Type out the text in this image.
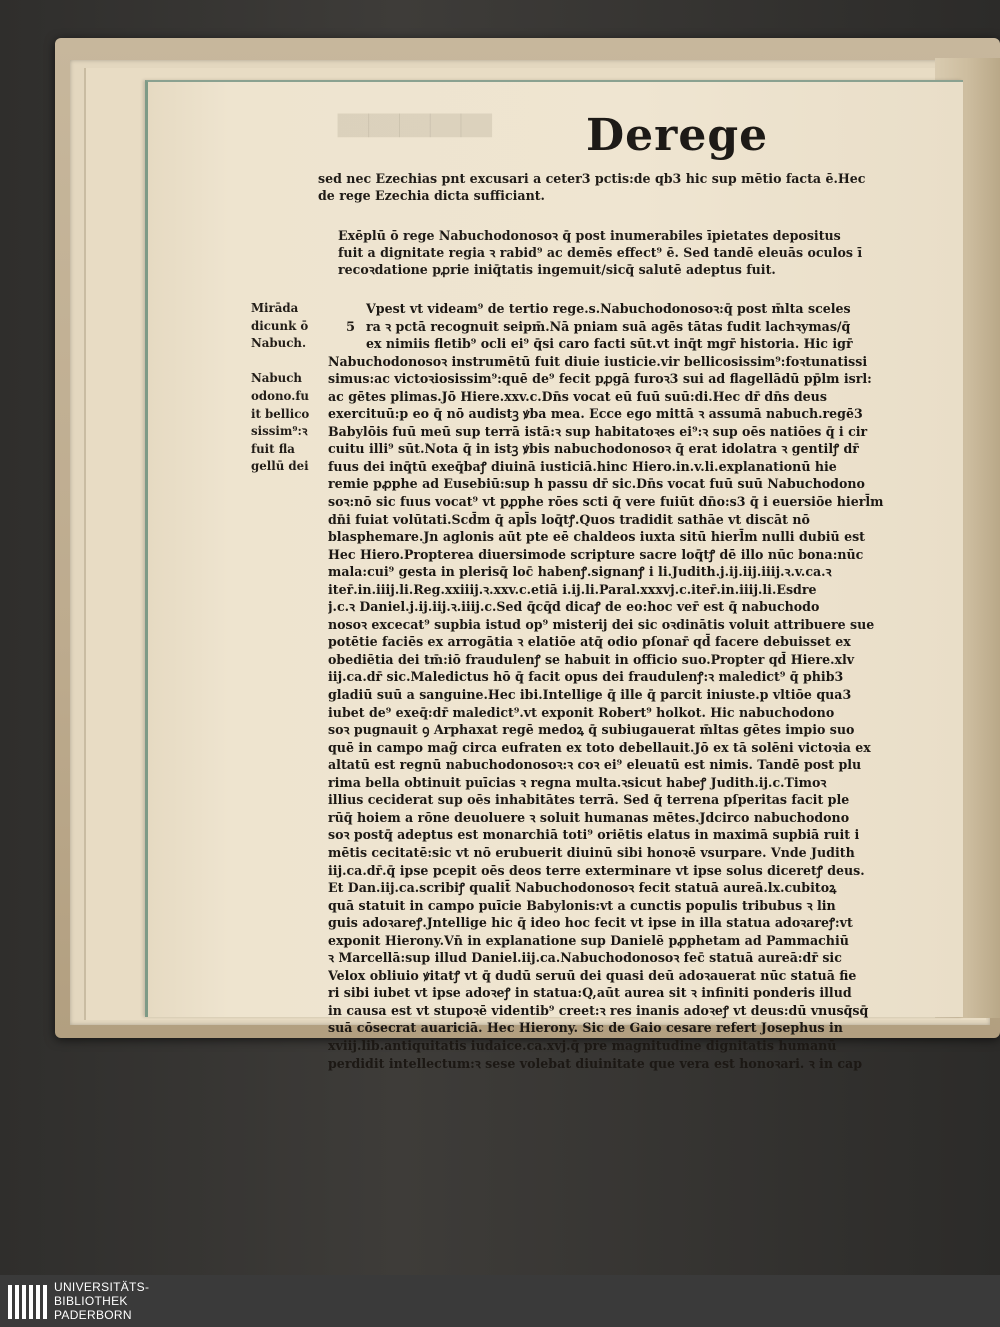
▀▀▀▀▀ Derege
sed nec Ezechias pnt excusari a ceter3 pctis:de qb3 hic sup mētio facta ē.Hec
de rege Ezechia dicta sufficiant.
Exēplū ō rege Nabuchodonosoꝛ q̄ post inumerabiles īpietates depositus
fuit a dignitate regia ꝛ rabid⁹ ac demēs effect⁹ ē. Sed tandē eleuās oculos ī
recoꝛdatione pꝓrie iniq̄tatis ingemuit/sicq̄ salutē adeptus fuit.
Mirāda
dicunk ō
Nabuch.

Nabuch
odono.fu
it bellico
sissim⁹:ꝛ
fuit fla
gellū dei
5
Vpest vt videam⁹ de tertio rege.s.Nabuchodonosoꝛ:q̄ post m̄lta sceles
ra ꝛ pctā recognuit seipm̄.Nā pniam suā agēs tātas fudit lachꝛymas/q̄
ex nimiis fletib⁹ ocli ei⁹ q̄si caro facti sūt.vt inq̄t mgr̄ historia. Hic igr̄
Nabuchodonosoꝛ instrumētū fuit diuie iusticie.vir bellicosissim⁹:foꝛtunatissi
simus:ac victoꝛiosissim⁹:quē de⁹ fecit pꝓgā furoꝛ3 sui ad flagellādū pp̄lm isrl:
ac gētes plimas.Jō Hiere.xxv.c.Dn̄s vocat eū fuū suū:di.Hec dr̄ dn̄s deus
exercituū:p eo q̄ nō audistꝫ ꝟba mea. Ecce ego mittā ꝛ assumā nabuch.regē3
Babylōis fuū meū sup terrā istā:ꝛ sup habitatoꝛes ei⁹:ꝛ sup oēs natiōes q̄ i cir
cuitu illi⁹ sūt.Nota q̄ in istꝫ ꝟbis nabuchodonosoꝛ q̄ erat idolatra ꝛ gentilꝭ dr̄
fuus dei inq̄tū exeq̄baꝭ diuinā iusticiā.hinc Hiero.in.v.li.explanationū hie
remie pꝓphe ad Eusebiū:sup h passu dr̄ sic.Dn̄s vocat fuū suū Nabuchodono
soꝛ:nō sic fuus vocat⁹ vt pꝓphe rōes scti q̄ vere fuiūt dn̄o:s3 q̄ i euersiōe hierl̄m
dn̄i fuiat volūtati.Scd̄m q̄ apl̄s loq̄tꝭ.Quos tradidit sathāe vt discāt nō
blasphemare.Jn aglonis aūt pte eē chaldeos iuxta sitū hierl̄m nulli dubiū est
Hec Hiero.Propterea diuersimode scripture sacre loq̄tꝭ dē illo nūc bona:nūc
mala:cui⁹ gesta in plerisq̄ loc̄ habenꝭ.signanꝭ i li.Judith.j.ij.iij.iiij.ꝛ.v.ca.ꝛ
iter̄.in.iiij.li.Reg.xxiiij.ꝛ.xxv.c.etiā i.ij.li.Paral.xxxvj.c.iter̄.in.iiij.li.Esdre
j.c.ꝛ Daniel.j.ij.iij.ꝛ.iiij.c.Sed q̄cq̄d dicaꝭ de eo:hoc ver̄ est q̄ nabuchodo
nosoꝛ excecat⁹ supbia istud op⁹ misterij dei sic oꝛdinātis voluit attribuere sue
potētie faciēs ex arrogātia ꝛ elatiōe atq̄ odio pſonar̄ qd̄ facere debuisset ex
obediētia dei tm̄:iō fraudulenꝭ se habuit in officio suo.Propter qd̄ Hiere.xlv
iij.ca.dr̄ sic.Maledictus hō q̄ facit opus dei fraudulenꝭ:ꝛ maledict⁹ q̄ phib3
gladiū suū a sanguine.Hec ibi.Intellige q̄ ille q̄ parcit iniuste.p vltiōe qua3
iubet de⁹ exeq̄:dr̄ maledict⁹.vt exponit Robert⁹ holkot. Hic nabuchodono
soꝛ pugnauit ꝯ Arphaxat regē medoꝝ q̄ subiugauerat m̄ltas gētes impio suo
quē in campo mag̃ circa eufraten ex toto debellauit.Jō ex tā solēni victoꝛia ex
altatū est regnū nabuchodonosoꝛ:ꝛ coꝛ ei⁹ eleuatū est nimis. Tandē post plu
rima bella obtinuit puīcias ꝛ regna multa.ꝛsicut habeꝭ Judith.ij.c.Timoꝛ
illius ceciderat sup oēs inhabitātes terrā. Sed q̄ terrena pſperitas facit ple
rūq̄ hoiem a rōne deuoluere ꝛ soluit humanas mētes.Jdcirco nabuchodono
soꝛ postq̄ adeptus est monarchiā toti⁹ oriētis elatus in maximā supbiā ruit i
mētis cecitatē:sic vt nō erubuerit diuinū sibi honoꝛē vsurpare. Vnde Judith
iij.ca.dr̄.q̄ ipse pcepit oēs deos terre exterminare vt ipse solus diceretꝭ deus.
Et Dan.iij.ca.scribiꝭ qualit̄ Nabuchodonosoꝛ fecit statuā aureā.lx.cubitoꝝ
quā statuit in campo puīcie Babylonis:vt a cunctis populis tribubus ꝛ lin
guis adoꝛareꝭ.Jntellige hic q̄ ideo hoc fecit vt ipse in illa statua adoꝛareꝭ:vt
exponit Hierony.Vn̄ in explanatione sup Danielē pꝓphetam ad Pammachiū
ꝛ Marcellā:sup illud Daniel.iij.ca.Nabuchodonosoꝛ fec̄ statuā aureā:dr̄ sic
Velox obliuio ꝟitatꝭ vt q̄ dudū seruū dei quasi deū adoꝛauerat nūc statuā fie
ri sibi iubet vt ipse adoꝛeꝭ in statua:Q,aūt aurea sit ꝛ infiniti ponderis illud
in causa est vt stupoꝛē videntib⁹ creet:ꝛ res inanis adoꝛeꝭ vt deus:dū vnusq̄sq̄
suā cōsecrat auariciā. Hec Hierony. Sic de Gaio cesare refert Josephus in
xviij.lib.antiquitatis iudaice.ca.xvj.q̄ pre magnitudine dignitatis humanū
perdidit intellectum:ꝛ sese volebat diuinitate que vera est honoꝛari. ꝛ in cap
UNIVERSITÄTS-
BIBLIOTHEK
PADERBORN
